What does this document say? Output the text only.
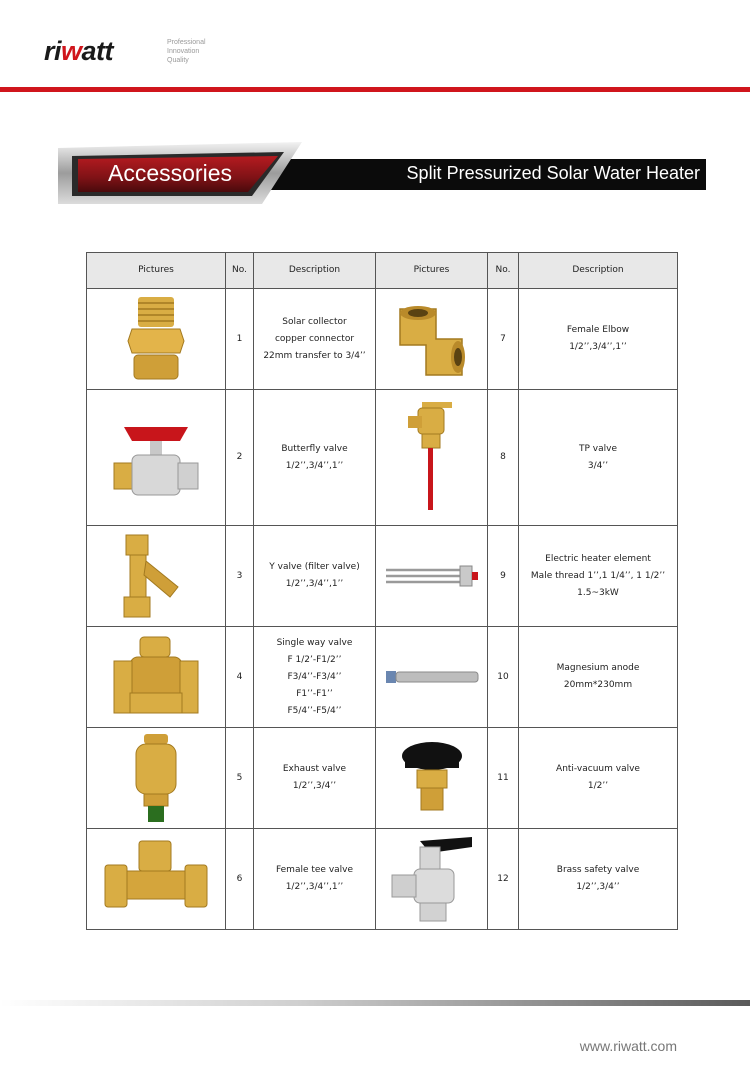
riwatt	Professional
Innovation
Quality
Accessories	Split Pressurized Solar Water Heater
Pictures	No.	Description	Pictures	No.	Description

	1	Solar collector
copper connector
22mm transfer to 3/4’’		7	Female Elbow
1/2’’,3/4’’,1’’

	2	Butterfly valve
1/2’’,3/4’’,1’’		8	TP valve
3/4’’

	3	Y valve (filter valve)
1/2’’,3/4’’,1’’		9	Electric heater element
Male thread 1’’,1 1/4’’, 1 1/2’’
1.5~3kW

	4	Single way valve
F 1/2’-F1/2’’
F3/4’’-F3/4’’
F1’’-F1’’
F5/4’’-F5/4’’		10	Magnesium anode
20mm*230mm

	5	Exhaust valve
1/2’’,3/4’’		11	Anti-vacuum valve
1/2’’

	6	Female tee valve
1/2’’,3/4’’,1’’		12	Brass safety valve
1/2’’,3/4’’
www.riwatt.com
